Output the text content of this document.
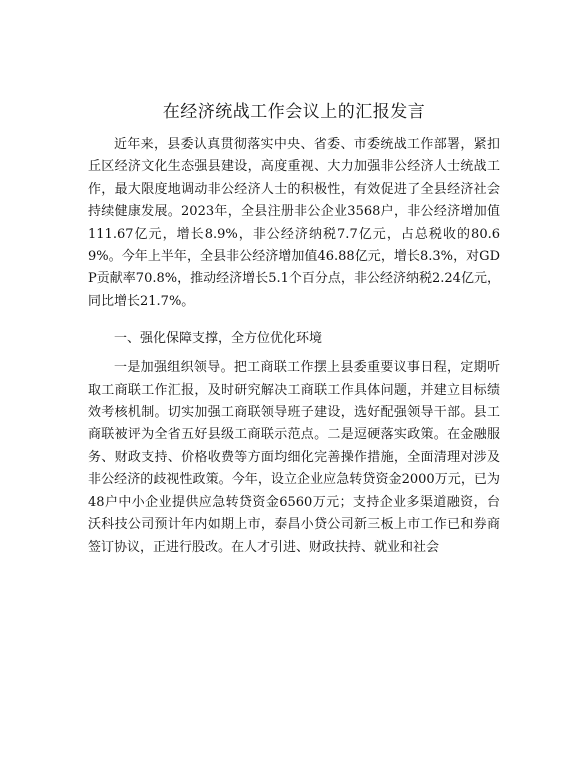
在经济统战工作会议上的汇报发言

近年来，县委认真贯彻落实中央、省委、市委统战工作部署，紧扣丘区经济文化生态强县建设，高度重视、大力加强非公经济人士统战工作，最大限度地调动非公经济人士的积极性，有效促进了全县经济社会持续健康发展。2023年，全县注册非公企业3568户，非公经济增加值111.67亿元，增长8.9%，非公经济纳税7.7亿元，占总税收的80.69%。今年上半年，全县非公经济增加值46.88亿元，增长8.3%，对GDP贡献率70.8%，推动经济增长5.1个百分点，非公经济纳税2.24亿元，同比增长21.7%。

一、强化保障支撑，全方位优化环境

一是加强组织领导。把工商联工作摆上县委重要议事日程，定期听取工商联工作汇报，及时研究解决工商联工作具体问题，并建立目标绩效考核机制。切实加强工商联领导班子建设，选好配强领导干部。县工商联被评为全省五好县级工商联示范点。二是逗硬落实政策。在金融服务、财政支持、价格收费等方面均细化完善操作措施，全面清理对涉及非公经济的歧视性政策。今年，设立企业应急转贷资金2000万元，已为48户中小企业提供应急转贷资金6560万元；支持企业多渠道融资，台沃科技公司预计年内如期上市，泰昌小贷公司新三板上市工作已和券商签订协议，正进行股改。在人才引进、财政扶持、就业和社会
